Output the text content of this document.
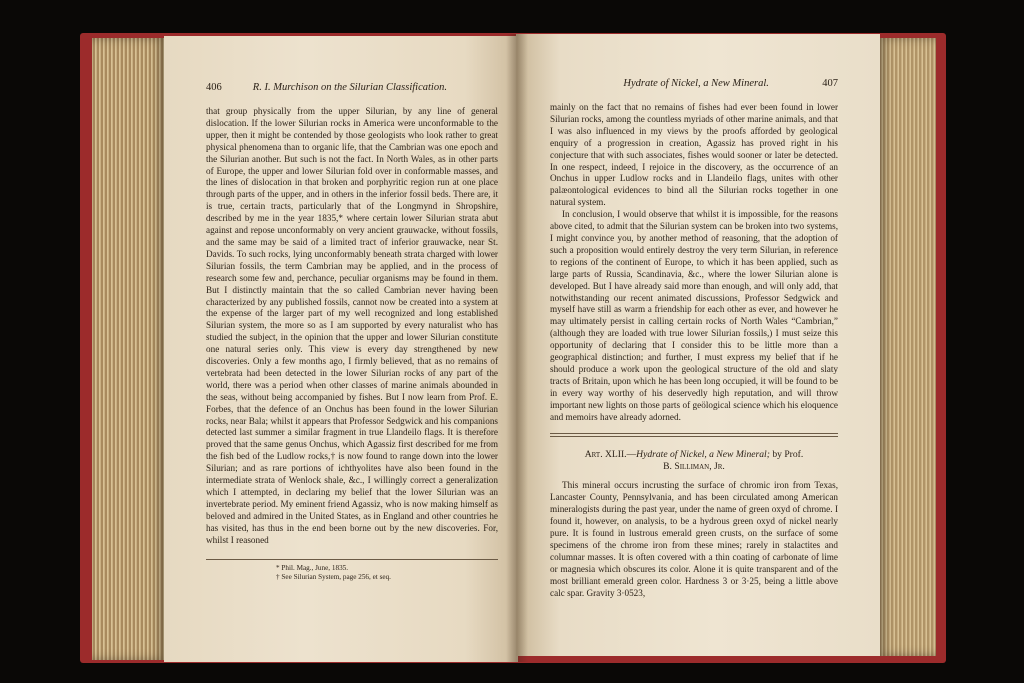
406	R. I. Murchison on the Silurian Classification.

that group physically from the upper Silurian, by any line of general dislocation. If the lower Silurian rocks in America were unconformable to the upper, then it might be contended by those geologists who look rather to great physical phenomena than to organic life, that the Cambrian was one epoch and the Silurian another. But such is not the fact. In North Wales, as in other parts of Europe, the upper and lower Silurian fold over in conformable masses, and the lines of dislocation in that broken and porphyritic region run at one place through parts of the upper, and in others in the inferior fossil beds. There are, it is true, certain tracts, particularly that of the Longmynd in Shropshire, described by me in the year 1835,* where certain lower Silurian strata abut against and repose unconformably on very ancient grauwacke, without fossils, and the same may be said of a limited tract of inferior grauwacke, near St. Davids. To such rocks, lying unconformably beneath strata charged with lower Silurian fossils, the term Cambrian may be applied, and in the process of research some few and, perchance, peculiar organisms may be found in them. But I distinctly maintain that the so called Cambrian never having been characterized by any published fossils, cannot now be created into a system at the expense of the larger part of my well recognized and long established Silurian system, the more so as I am supported by every naturalist who has studied the subject, in the opinion that the upper and lower Silurian constitute one natural series only. This view is every day strengthened by new discoveries. Only a few months ago, I firmly believed, that as no remains of vertebrata had been detected in the lower Silurian rocks of any part of the world, there was a period when other classes of marine animals abounded in the seas, without being accompanied by fishes. But I now learn from Prof. E. Forbes, that the defence of an Onchus has been found in the lower Silurian rocks, near Bala; whilst it appears that Professor Sedgwick and his companions detected last summer a similar fragment in true Llandeilo flags. It is therefore proved that the same genus Onchus, which Agassiz first described for me from the fish bed of the Ludlow rocks,† is now found to range down into the lower Silurian; and as rare portions of ichthyolites have also been found in the intermediate strata of Wenlock shale, &c., I willingly correct a generalization which I attempted, in declaring my belief that the lower Silurian was an invertebrate period. My eminent friend Agassiz, who is now making himself as beloved and admired in the United States, as in England and other countries he has visited, has thus in the end been borne out by the new discoveries. For, whilst I reasoned

* Phil. Mag., June, 1835.
† See Silurian System, page 256, et seq.
Hydrate of Nickel, a New Mineral.	407

mainly on the fact that no remains of fishes had ever been found in lower Silurian rocks, among the countless myriads of other marine animals, and that I was also influenced in my views by the proofs afforded by geological enquiry of a progression in creation, Agassiz has proved right in his conjecture that with such associates, fishes would sooner or later be detected. In one respect, indeed, I rejoice in the discovery, as the occurrence of an Onchus in upper Ludlow rocks and in Llandeilo flags, unites with other palæontological evidences to bind all the Silurian rocks together in one natural system.

In conclusion, I would observe that whilst it is impossible, for the reasons above cited, to admit that the Silurian system can be broken into two systems, I might convince you, by another method of reasoning, that the adoption of such a proposition would entirely destroy the very term Silurian, in reference to regions of the continent of Europe, to which it has been applied, such as large parts of Russia, Scandinavia, &c., where the lower Silurian alone is developed. But I have already said more than enough, and will only add, that notwithstanding our recent animated discussions, Professor Sedgwick and myself have still as warm a friendship for each other as ever, and however he may ultimately persist in calling certain rocks of North Wales “Cambrian,” (although they are loaded with true lower Silurian fossils,) I must seize this opportunity of declaring that I consider this to be little more than a geographical distinction; and further, I must express my belief that if he should produce a work upon the geological structure of the old and slaty tracts of Britain, upon which he has been long occupied, it will be found to be in every way worthy of his deservedly high reputation, and will throw important new lights on those parts of geölogical science which his eloquence and memoirs have already adorned.

Art. XLII.—Hydrate of Nickel, a New Mineral; by Prof.
B. Silliman, Jr.

This mineral occurs incrusting the surface of chromic iron from Texas, Lancaster County, Pennsylvania, and has been circulated among American mineralogists during the past year, under the name of green oxyd of chrome. I found it, however, on analysis, to be a hydrous green oxyd of nickel nearly pure. It is found in lustrous emerald green crusts, on the surface of some specimens of the chrome iron from these mines; rarely in stalactites and columnar masses. It is often covered with a thin coating of carbonate of lime or magnesia which obscures its color. Alone it is quite transparent and of the most brilliant emerald green color. Hardness 3 or 3·25, being a little above calc spar. Gravity 3·0523,
